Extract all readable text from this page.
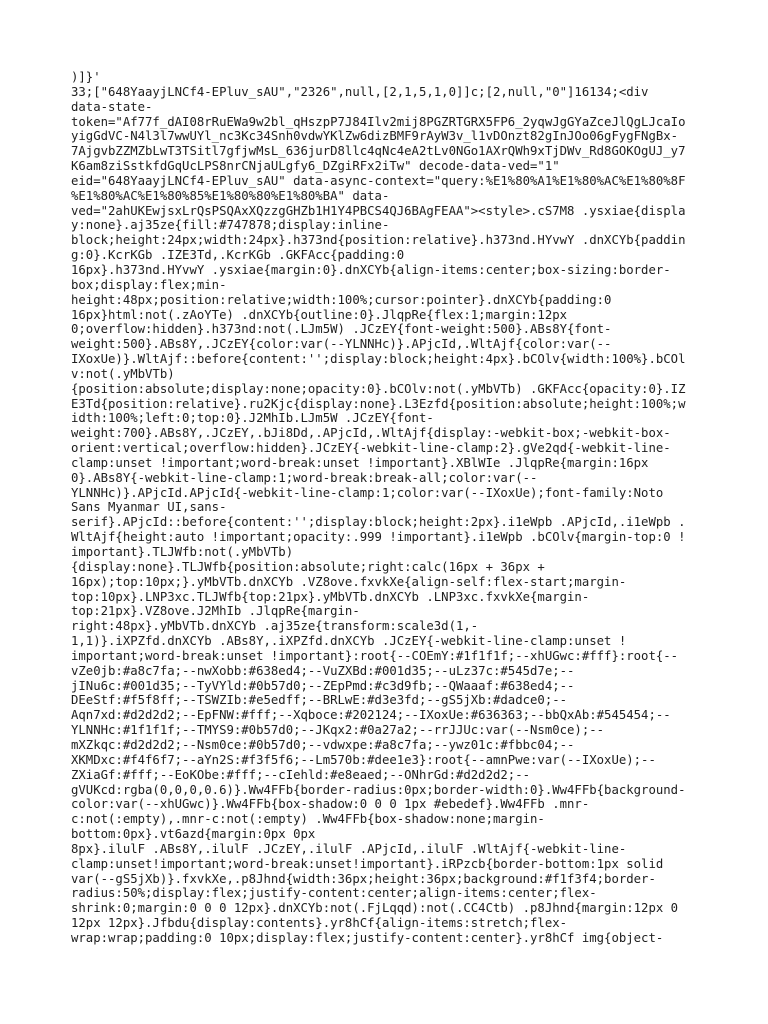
)]}'
33;["648YaayjLNCf4-EPluv_sAU","2326",null,[2,1,5,1,0]]c;[2,null,"0"]16134;<div
data-state-
token="Af77f_dAI08rRuEWa9w2bl_qHszpP7J84Ilv2mij8PGZRTGRX5FP6_2yqwJgGYaZceJlQgLJcaIo
yigGdVC-N4l3l7wwUYl_nc3Kc34Snh0vdwYKlZw6dizBMF9rAyW3v_l1vDOnzt82gInJOo06gFygFNgBx-
7AjgvbZZMZbLwT3TSitl7gfjwMsL_636jurD8llc4qNc4eA2tLv0NGo1AXrQWh9xTjDWv_Rd8GOKOgUJ_y7
K6am8ziSstkfdGqUcLPS8nrCNjaULgfy6_DZgiRFx2iTw" decode-data-ved="1"
eid="648YaayjLNCf4-EPluv_sAU" data-async-context="query:%E1%80%A1%E1%80%AC%E1%80%8F
%E1%80%AC%E1%80%85%E1%80%80%E1%80%BA" data-
ved="2ahUKEwjsxLrQsPSQAxXQzzgGHZb1H1Y4PBCS4QJ6BAgFEAA"><style>.cS7M8 .ysxiae{displa
y:none}.aj35ze{fill:#747878;display:inline-
block;height:24px;width:24px}.h373nd{position:relative}.h373nd.HYvwY .dnXCYb{paddin
g:0}.KcrKGb .IZE3Td,.KcrKGb .GKFAcc{padding:0
16px}.h373nd.HYvwY .ysxiae{margin:0}.dnXCYb{align-items:center;box-sizing:border-
box;display:flex;min-
height:48px;position:relative;width:100%;cursor:pointer}.dnXCYb{padding:0
16px}html:not(.zAoYTe) .dnXCYb{outline:0}.JlqpRe{flex:1;margin:12px
0;overflow:hidden}.h373nd:not(.LJm5W) .JCzEY{font-weight:500}.ABs8Y{font-
weight:500}.ABs8Y,.JCzEY{color:var(--YLNNHc)}.APjcId,.WltAjf{color:var(--
IXoxUe)}.WltAjf::before{content:'';display:block;height:4px}.bCOlv{width:100%}.bCOl
v:not(.yMbVTb)
{position:absolute;display:none;opacity:0}.bCOlv:not(.yMbVTb) .GKFAcc{opacity:0}.IZ
E3Td{position:relative}.ru2Kjc{display:none}.L3Ezfd{position:absolute;height:100%;w
idth:100%;left:0;top:0}.J2MhIb.LJm5W .JCzEY{font-
weight:700}.ABs8Y,.JCzEY,.bJi8Dd,.APjcId,.WltAjf{display:-webkit-box;-webkit-box-
orient:vertical;overflow:hidden}.JCzEY{-webkit-line-clamp:2}.gVe2qd{-webkit-line-
clamp:unset !important;word-break:unset !important}.XBlWIe .JlqpRe{margin:16px
0}.ABs8Y{-webkit-line-clamp:1;word-break:break-all;color:var(--
YLNNHc)}.APjcId.APjcId{-webkit-line-clamp:1;color:var(--IXoxUe);font-family:Noto
Sans Myanmar UI,sans-
serif}.APjcId::before{content:'';display:block;height:2px}.i1eWpb .APjcId,.i1eWpb .
WltAjf{height:auto !important;opacity:.999 !important}.i1eWpb .bCOlv{margin-top:0 !
important}.TLJWfb:not(.yMbVTb)
{display:none}.TLJWfb{position:absolute;right:calc(16px + 36px +
16px);top:10px;}.yMbVTb.dnXCYb .VZ8ove.fxvkXe{align-self:flex-start;margin-
top:10px}.LNP3xc.TLJWfb{top:21px}.yMbVTb.dnXCYb .LNP3xc.fxvkXe{margin-
top:21px}.VZ8ove.J2MhIb .JlqpRe{margin-
right:48px}.yMbVTb.dnXCYb .aj35ze{transform:scale3d(1,-
1,1)}.iXPZfd.dnXCYb .ABs8Y,.iXPZfd.dnXCYb .JCzEY{-webkit-line-clamp:unset !
important;word-break:unset !important}:root{--COEmY:#1f1f1f;--xhUGwc:#fff}:root{--
vZe0jb:#a8c7fa;--nwXobb:#638ed4;--VuZXBd:#001d35;--uLz37c:#545d7e;--
jINu6c:#001d35;--TyVYld:#0b57d0;--ZEpPmd:#c3d9fb;--QWaaaf:#638ed4;--
DEeStf:#f5f8ff;--TSWZIb:#e5edff;--BRLwE:#d3e3fd;--gS5jXb:#dadce0;--
Aqn7xd:#d2d2d2;--EpFNW:#fff;--Xqboce:#202124;--IXoxUe:#636363;--bbQxAb:#545454;--
YLNNHc:#1f1f1f;--TMYS9:#0b57d0;--JKqx2:#0a27a2;--rrJJUc:var(--Nsm0ce);--
mXZkqc:#d2d2d2;--Nsm0ce:#0b57d0;--vdwxpe:#a8c7fa;--ywz01c:#fbbc04;--
XKMDxc:#f4f6f7;--aYn2S:#f3f5f6;--Lm570b:#dee1e3}:root{--amnPwe:var(--IXoxUe);--
ZXiaGf:#fff;--EoKObe:#fff;--cIehld:#e8eaed;--ONhrGd:#d2d2d2;--
gVUKcd:rgba(0,0,0,0.6)}.Ww4FFb{border-radius:0px;border-width:0}.Ww4FFb{background-
color:var(--xhUGwc)}.Ww4FFb{box-shadow:0 0 0 1px #ebedef}.Ww4FFb .mnr-
c:not(:empty),.mnr-c:not(:empty) .Ww4FFb{box-shadow:none;margin-
bottom:0px}.vt6azd{margin:0px 0px
8px}.ilulF .ABs8Y,.ilulF .JCzEY,.ilulF .APjcId,.ilulF .WltAjf{-webkit-line-
clamp:unset!important;word-break:unset!important}.iRPzcb{border-bottom:1px solid
var(--gS5jXb)}.fxvkXe,.p8Jhnd{width:36px;height:36px;background:#f1f3f4;border-
radius:50%;display:flex;justify-content:center;align-items:center;flex-
shrink:0;margin:0 0 0 12px}.dnXCYb:not(.FjLqqd):not(.CC4Ctb) .p8Jhnd{margin:12px 0
12px 12px}.Jfbdu{display:contents}.yr8hCf{align-items:stretch;flex-
wrap:wrap;padding:0 10px;display:flex;justify-content:center}.yr8hCf img{object-
